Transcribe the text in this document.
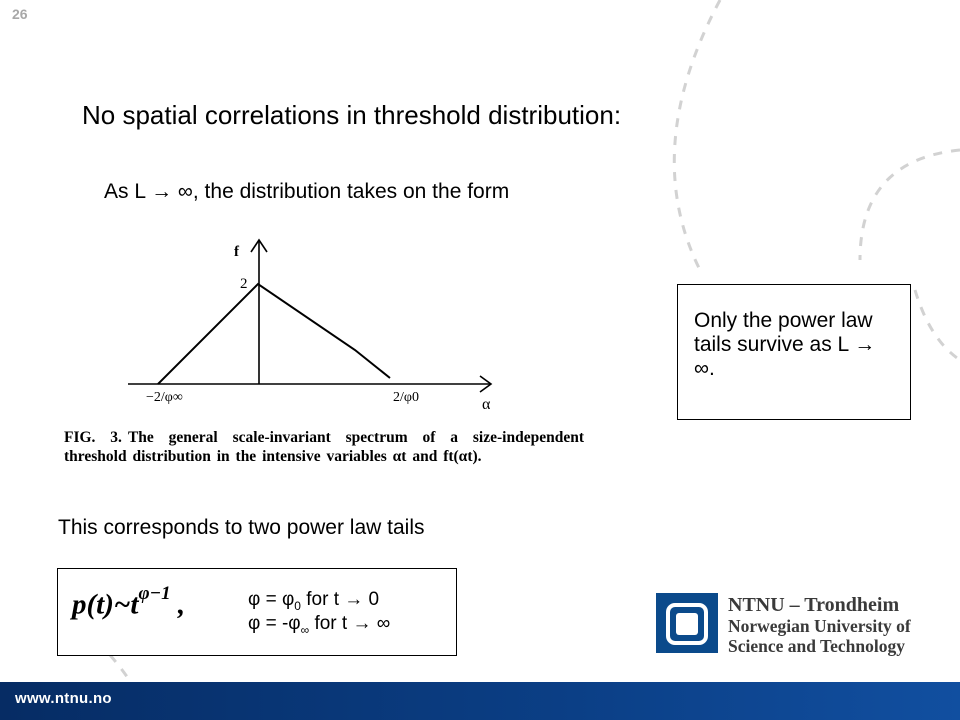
26
No spatial correlations in threshold distribution:
As L → ∞, the distribution takes on the form
f
2
−2/φ∞	2/φ0	α
FIG. 3. The general scale-invariant spectrum of a size-independent threshold distribution in the intensive variables αt and ft(αt).
Only the power law tails survive as L → ∞.
This corresponds to two power law tails
$p(t)\sim t^{\varphi-1}$ ,	$\varphi = \varphi_0$ for t → 0
$\varphi = -\varphi_\infty$ for t → ∞
NTNU – Trondheim
Norwegian University of
Science and Technology
www.ntnu.no
